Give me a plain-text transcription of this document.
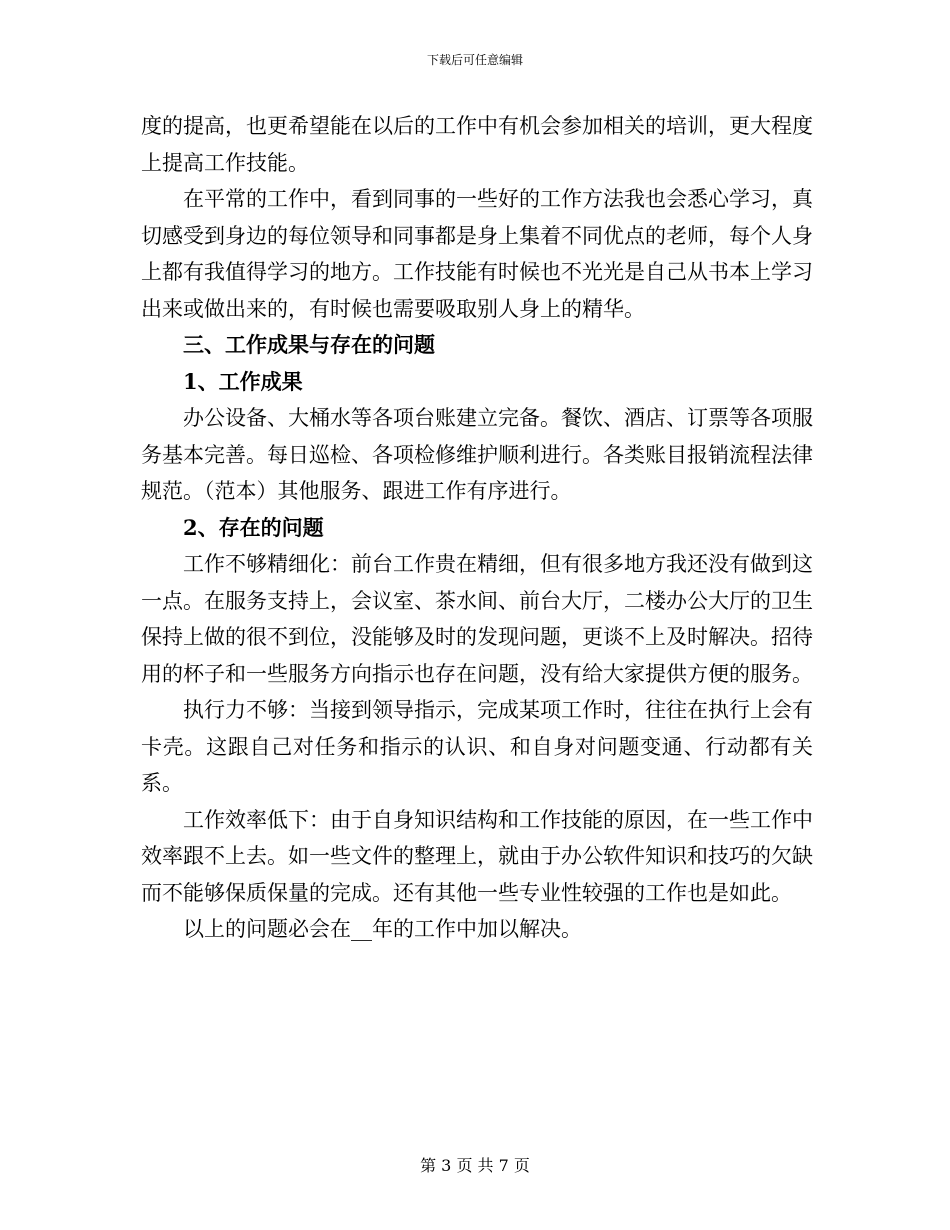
下载后可任意编辑

度的提高，也更希望能在以后的工作中有机会参加相关的培训，更大程度上提高工作技能。

在平常的工作中，看到同事的一些好的工作方法我也会悉心学习，真切感受到身边的每位领导和同事都是身上集着不同优点的老师，每个人身上都有我值得学习的地方。工作技能有时候也不光光是自己从书本上学习出来或做出来的，有时候也需要吸取别人身上的精华。

三、工作成果与存在的问题

1、工作成果

办公设备、大桶水等各项台账建立完备。餐饮、酒店、订票等各项服务基本完善。每日巡检、各项检修维护顺利进行。各类账目报销流程法律规范。（范本）其他服务、跟进工作有序进行。

2、存在的问题

工作不够精细化：前台工作贵在精细，但有很多地方我还没有做到这一点。在服务支持上，会议室、茶水间、前台大厅，二楼办公大厅的卫生保持上做的很不到位，没能够及时的发现问题，更谈不上及时解决。招待用的杯子和一些服务方向指示也存在问题，没有给大家提供方便的服务。

执行力不够：当接到领导指示，完成某项工作时，往往在执行上会有卡壳。这跟自己对任务和指示的认识、和自身对问题变通、行动都有关系。

工作效率低下：由于自身知识结构和工作技能的原因，在一些工作中效率跟不上去。如一些文件的整理上，就由于办公软件知识和技巧的欠缺而不能够保质保量的完成。还有其他一些专业性较强的工作也是如此。

以上的问题必会在__年的工作中加以解决。

第 3 页 共 7 页
